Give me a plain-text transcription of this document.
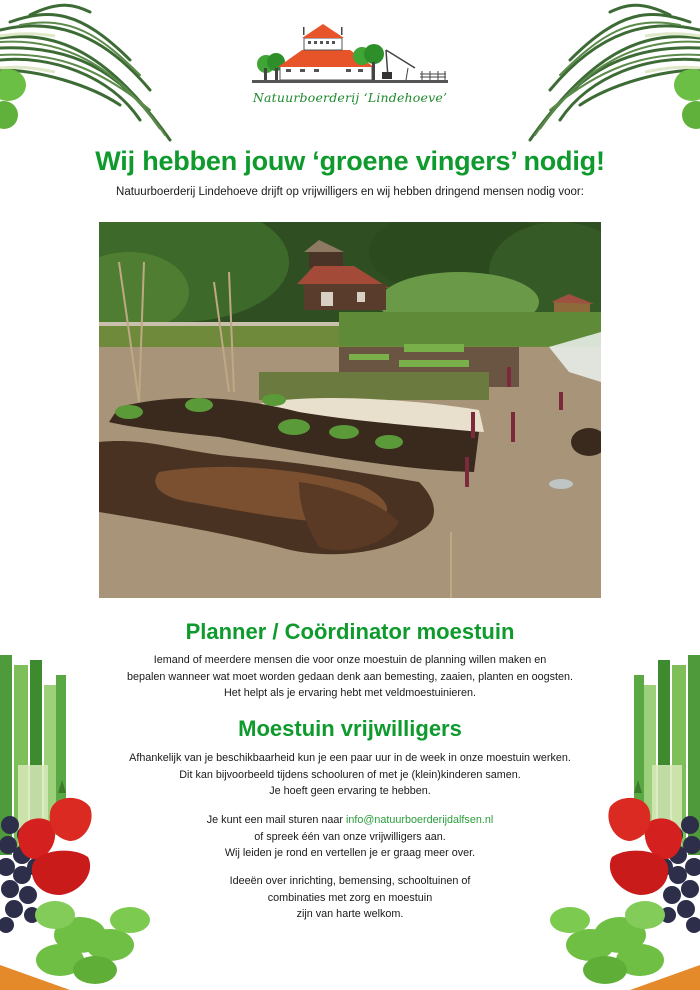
Natuurboerderij ‘Lindehoeve’
Wij hebben jouw ‘groene vingers’ nodig!

Natuurboerderij Lindehoeve drijft op vrijwilligers en wij hebben dringend mensen nodig voor:

Planner / Coördinator moestuin
Iemand of meerdere mensen die voor onze moestuin de planning willen maken en
bepalen wanneer wat moet worden gedaan denk aan bemesting, zaaien, planten en oogsten.
Het helpt als je ervaring hebt met veldmoestuinieren.
Moestuin vrijwilligers
Afhankelijk van je beschikbaarheid kun je een paar uur in de week in onze moestuin werken.
Dit kan bijvoorbeeld tijdens schooluren of met je (klein)kinderen samen.
Je hoeft geen ervaring te hebben.
Je kunt een mail sturen naar info@natuurboerderijdalfsen.nl
of spreek één van onze vrijwilligers aan.
Wij leiden je rond en vertellen je er graag meer over.
Ideeën over inrichting, bemensing, schooltuinen of
combinaties met zorg en moestuin
zijn van harte welkom.
